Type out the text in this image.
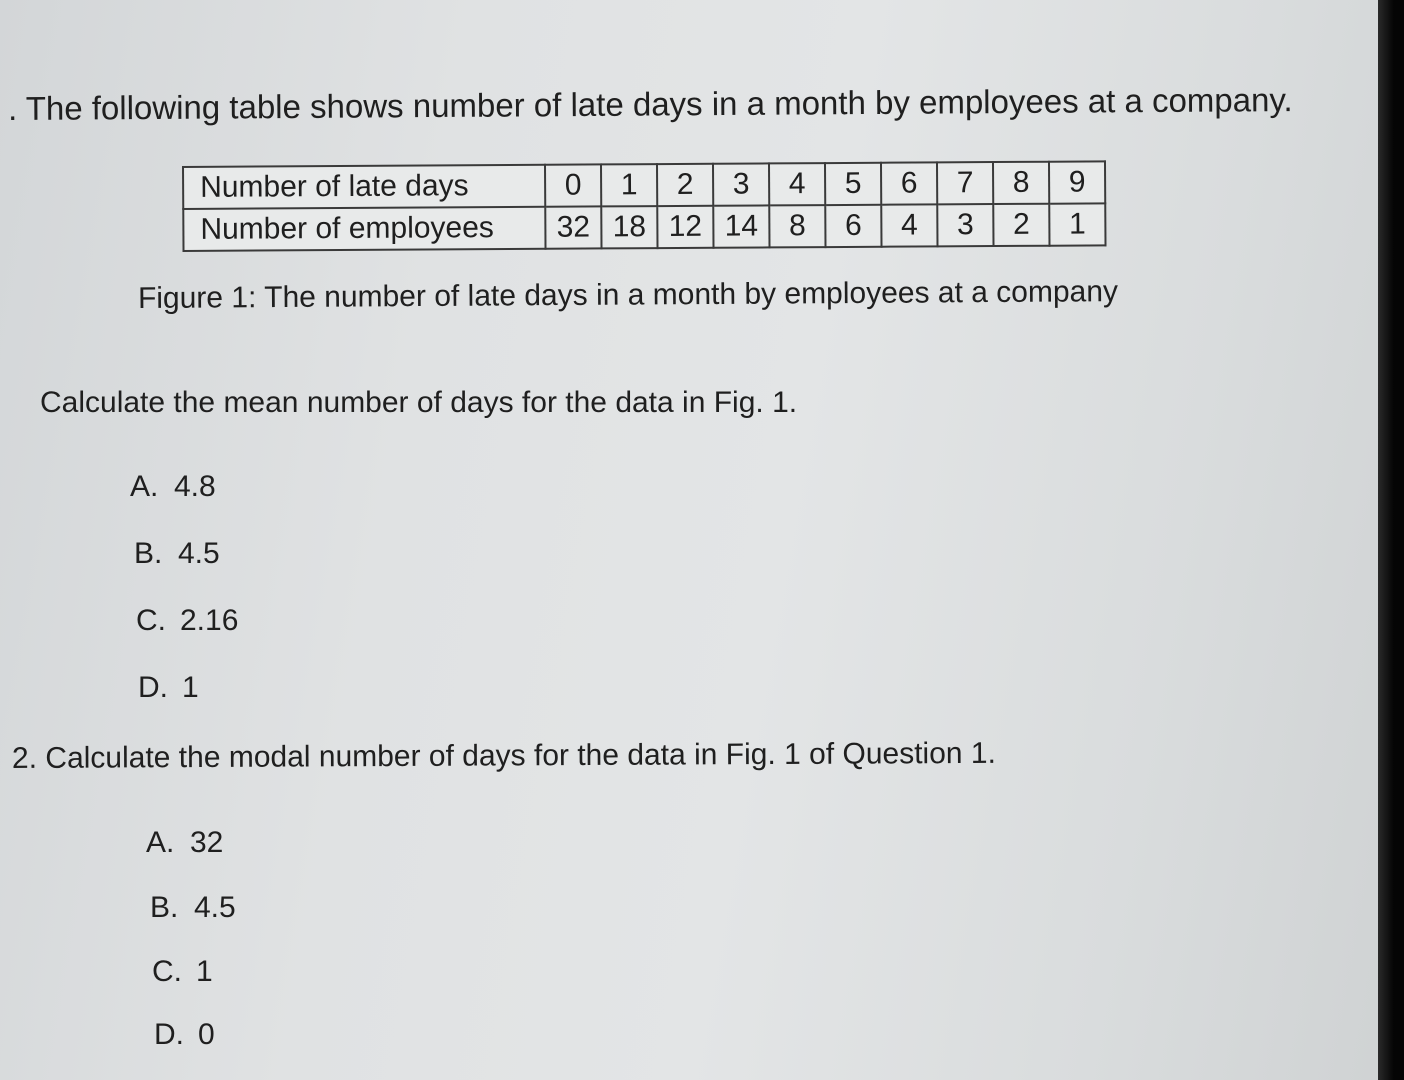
. The following table shows number of late days in a month by employees at a company.
Number of late days	0	1	2	3	4	5	6	7	8	9
Number of employees	32	18	12	14	8	6	4	3	2	1
Figure 1: The number of late days in a month by employees at a company
Calculate the mean number of days for the data in Fig. 1.
A. 4.8
B. 4.5
C. 2.16
D. 1
2. Calculate the modal number of days for the data in Fig. 1 of Question 1.
A. 32
B. 4.5
C. 1
D. 0
